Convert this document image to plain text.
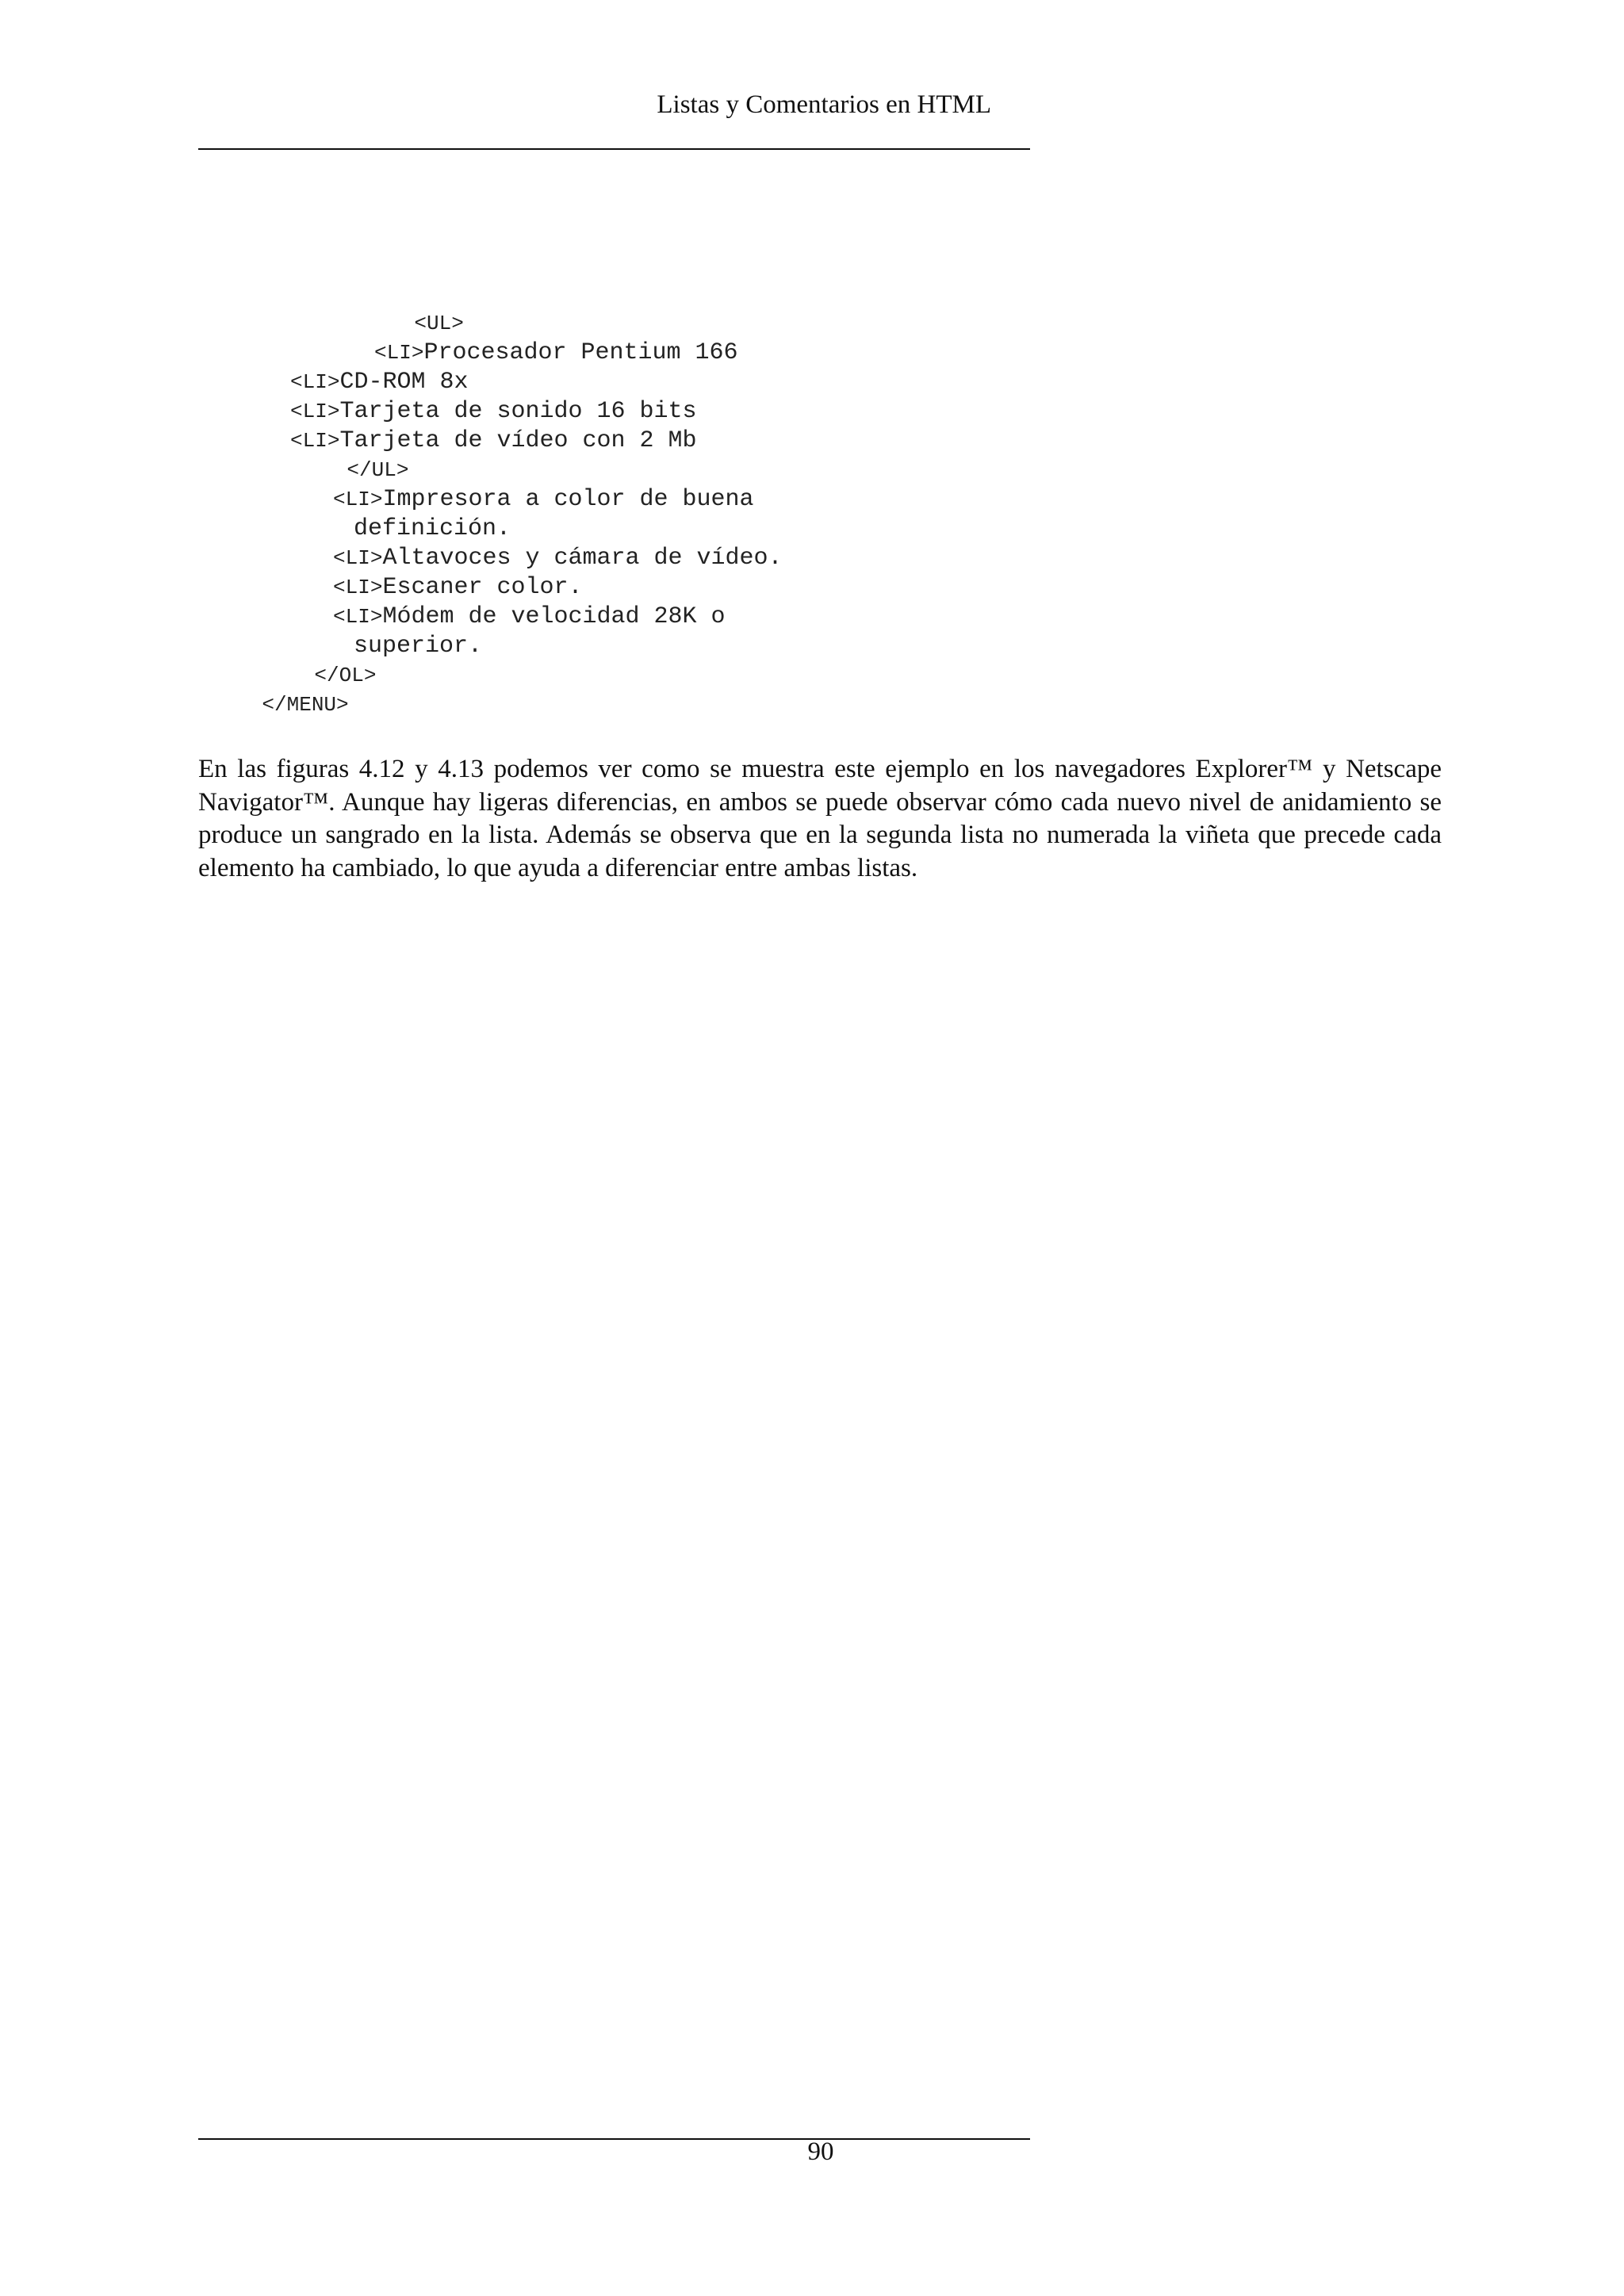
Listas y Comentarios en HTML

<UL>

<LI>Procesador Pentium 166

<LI>CD-ROM 8x

<LI>Tarjeta de sonido 16 bits

<LI>Tarjeta de vídeo con 2 Mb

</UL>

<LI>Impresora a color de buena

definición.

<LI>Altavoces y cámara de vídeo.

<LI>Escaner color.

<LI>Módem de velocidad 28K o

superior.

</OL>

</MENU>

En las figuras 4.12 y 4.13 podemos ver como se muestra este ejemplo en los navegadores Explorer™ y Netscape Navigator™. Aunque hay ligeras diferencias, en ambos se puede observar cómo cada nuevo nivel de anidamiento se produce un sangrado en la lista. Además se observa que en la segunda lista no numerada la viñeta que precede cada elemento ha cambiado, lo que ayuda a diferenciar entre ambas listas.
90
